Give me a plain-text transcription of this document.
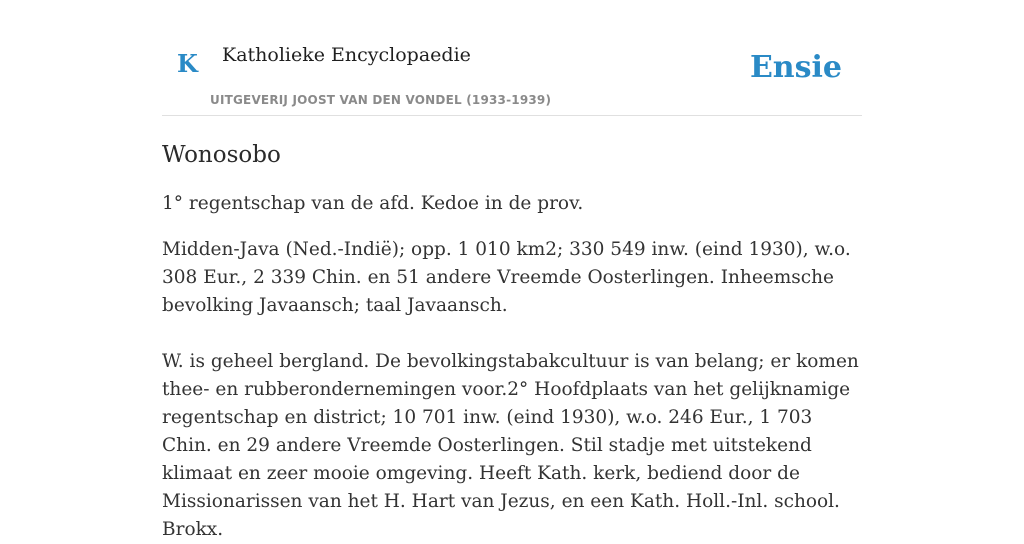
K Katholieke Encyclopaedie
UITGEVERIJ JOOST VAN DEN VONDEL (1933-1939)
Ensie
Wonosobo

1° regentschap van de afd. Kedoe in de prov.

Midden-Java (Ned.-Indië); opp. 1 010 km2; 330 549 inw. (eind 1930), w.o. 308 Eur., 2 339 Chin. en 51 andere Vreemde Oosterlingen. Inheemsche bevolking Javaansch; taal Javaansch.

W. is geheel bergland. De bevolkingstabakcultuur is van belang; er komen thee- en rubberondernemingen voor.2° Hoofdplaats van het gelijknamige regentschap en district; 10 701 inw. (eind 1930), w.o. 246 Eur., 1 703 Chin. en 29 andere Vreemde Oosterlingen. Stil stadje met uitstekend klimaat en zeer mooie omgeving. Heeft Kath. kerk, bediend door de Missionarissen van het H. Hart van Jezus, en een Kath. Holl.-Inl. school. Brokx.
